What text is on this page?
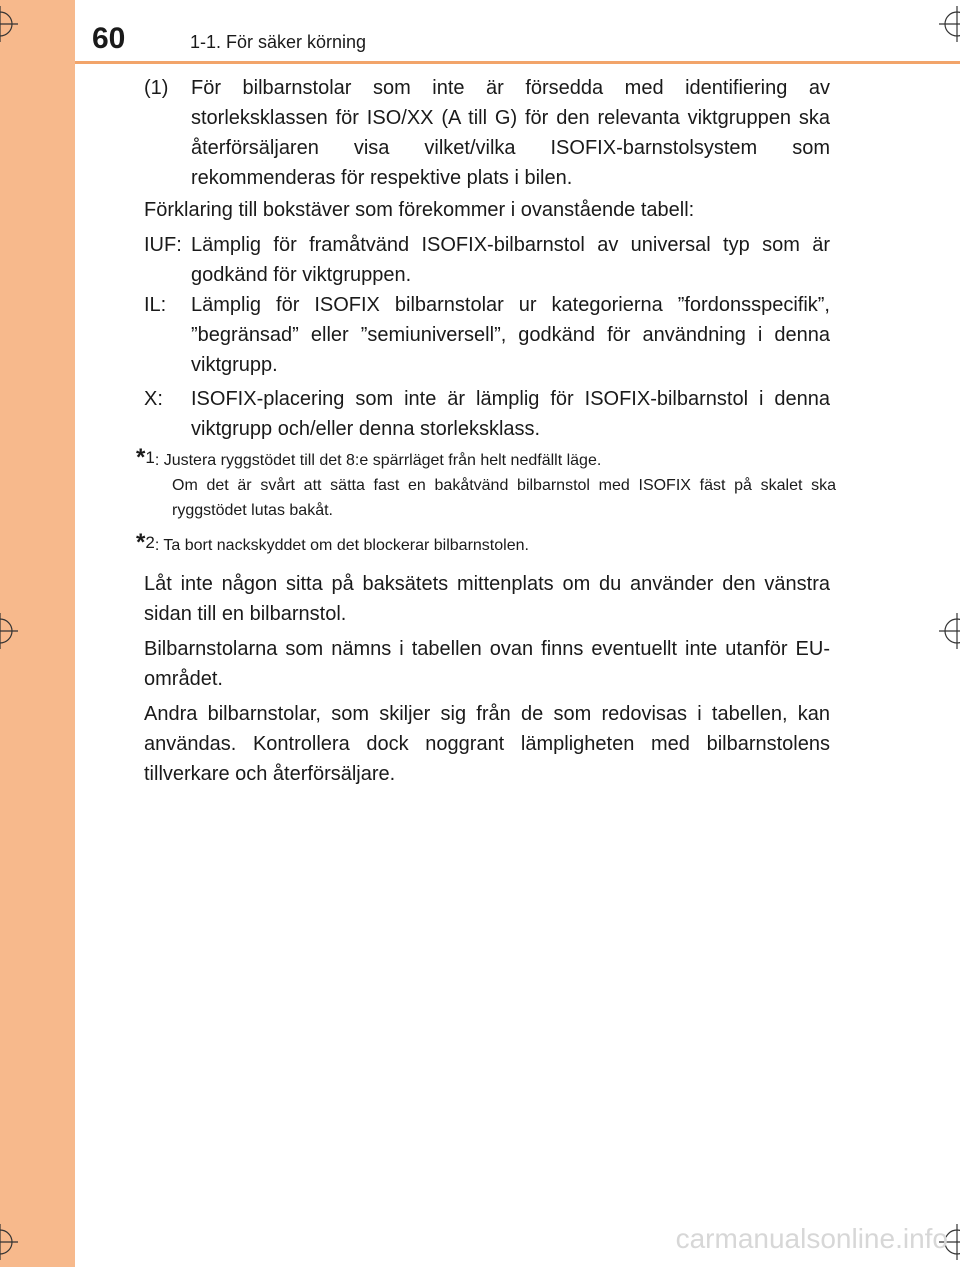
60	1-1. För säker körning
(1)	För bilbarnstolar som inte är försedda med identifiering av storleksklassen för ISO/XX (A till G) för den relevanta viktgruppen ska återförsäljaren visa vilket/vilka ISOFIX-barnstolsystem som rekommenderas för respektive plats i bilen.
Förklaring till bokstäver som förekommer i ovanstående tabell:
IUF: Lämplig för framåtvänd ISOFIX-bilbarnstol av universal typ som är godkänd för viktgruppen.
IL:	Lämplig för ISOFIX bilbarnstolar ur kategorierna ”fordonsspecifik”, ”begränsad” eller ”semiuniversell”, godkänd för användning i denna viktgrupp.
X:	ISOFIX-placering som inte är lämplig för ISOFIX-bilbarnstol i denna viktgrupp och/eller denna storleksklass.
*1: Justera ryggstödet till det 8:e spärrläget från helt nedfällt läge.
Om det är svårt att sätta fast en bakåtvänd bilbarnstol med ISOFIX fäst på skalet ska ryggstödet lutas bakåt.
*2: Ta bort nackskyddet om det blockerar bilbarnstolen.
Låt inte någon sitta på baksätets mittenplats om du använder den vänstra sidan till en bilbarnstol.
Bilbarnstolarna som nämns i tabellen ovan finns eventuellt inte utanför EU-området.
Andra bilbarnstolar, som skiljer sig från de som redovisas i tabellen, kan användas. Kontrollera dock noggrant lämpligheten med bilbarnstolens tillverkare och återförsäljare.
carmanualsonline.info
